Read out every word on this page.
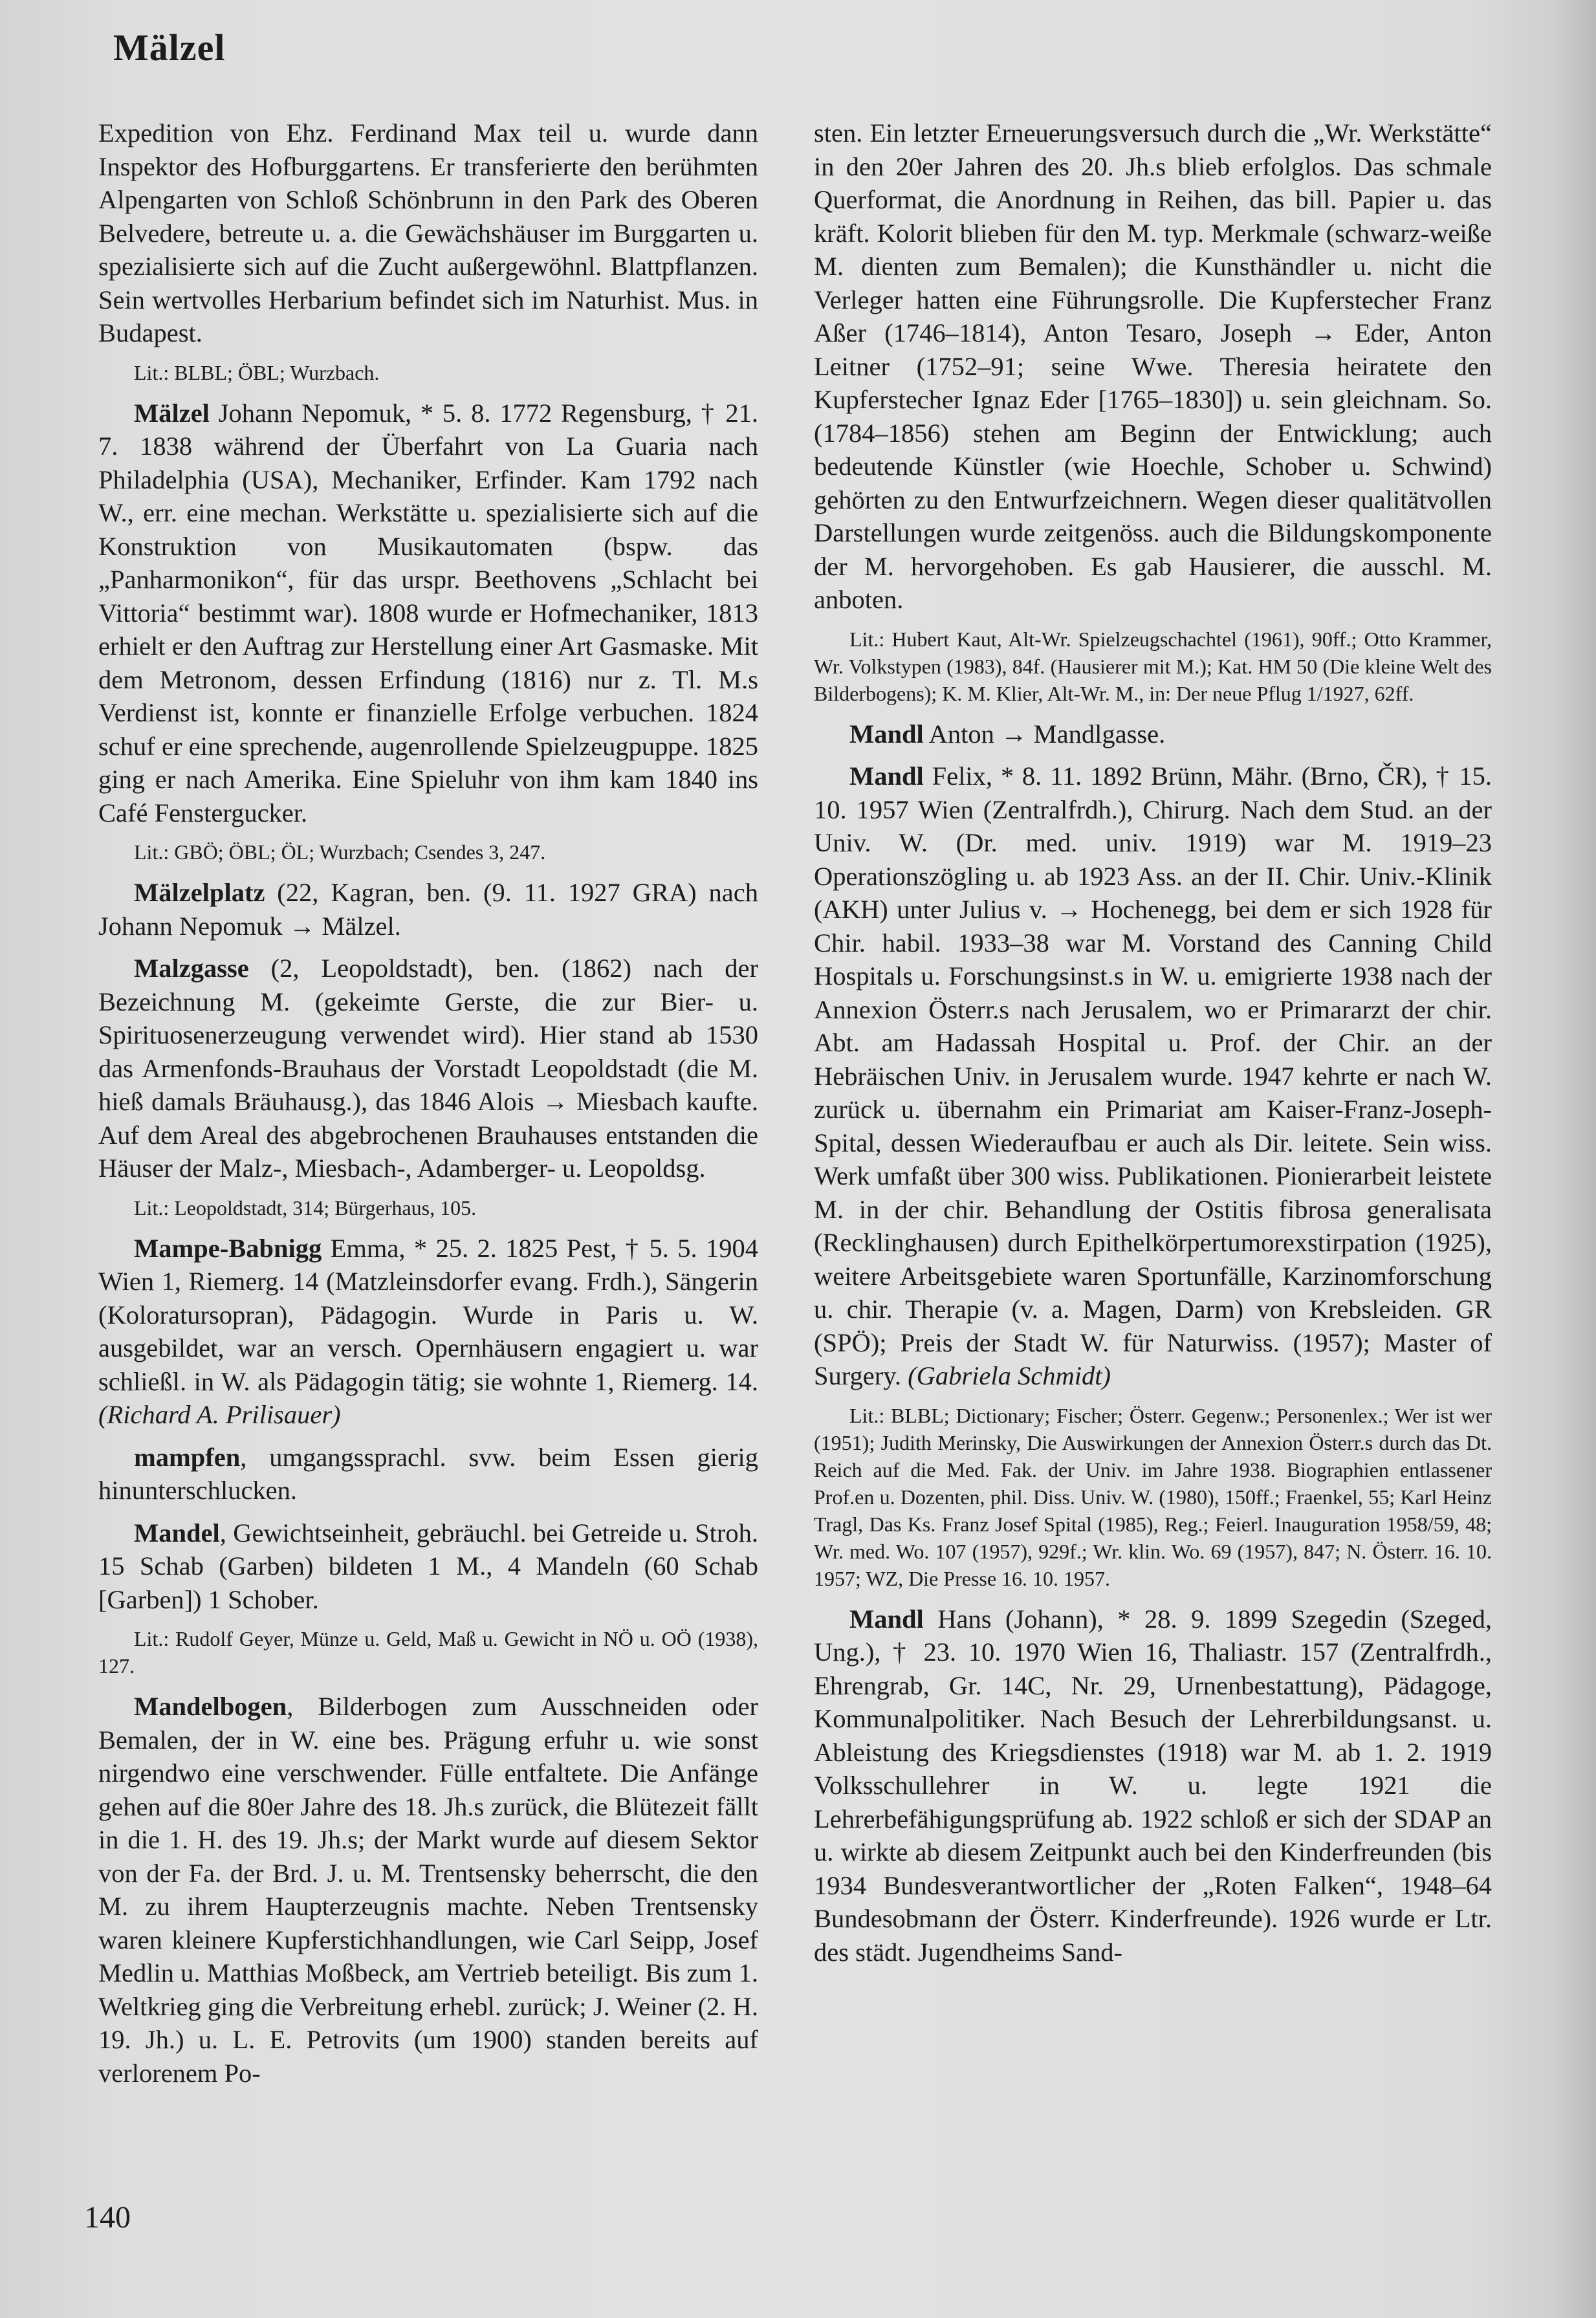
Mälzel

Expedition von Ehz. Ferdinand Max teil u. wurde dann Inspektor des Hofburggartens. Er transferierte den berühmten Alpengarten von Schloß Schönbrunn in den Park des Oberen Belvedere, betreute u. a. die Gewächshäuser im Burggarten u. spezialisierte sich auf die Zucht außergewöhnl. Blattpflanzen. Sein wertvolles Herbarium befindet sich im Naturhist. Mus. in Budapest.

Lit.: BLBL; ÖBL; Wurzbach.

Mälzel Johann Nepomuk, * 5. 8. 1772 Regensburg, † 21. 7. 1838 während der Überfahrt von La Guaria nach Philadelphia (USA), Mechaniker, Erfinder. Kam 1792 nach W., err. eine mechan. Werkstätte u. spezialisierte sich auf die Konstruktion von Musikautomaten (bspw. das „Panharmonikon“, für das urspr. Beethovens „Schlacht bei Vittoria“ bestimmt war). 1808 wurde er Hofmechaniker, 1813 erhielt er den Auftrag zur Herstellung einer Art Gasmaske. Mit dem Metronom, dessen Erfindung (1816) nur z. Tl. M.s Verdienst ist, konnte er finanzielle Erfolge verbuchen. 1824 schuf er eine sprechende, augenrollende Spielzeugpuppe. 1825 ging er nach Amerika. Eine Spieluhr von ihm kam 1840 ins Café Fenstergucker.

Lit.: GBÖ; ÖBL; ÖL; Wurzbach; Csendes 3, 247.

Mälzelplatz (22, Kagran, ben. (9. 11. 1927 GRA) nach Johann Nepomuk → Mälzel.

Malzgasse (2, Leopoldstadt), ben. (1862) nach der Bezeichnung M. (gekeimte Gerste, die zur Bier- u. Spirituosenerzeugung verwendet wird). Hier stand ab 1530 das Armenfonds-Brauhaus der Vorstadt Leopoldstadt (die M. hieß damals Bräuhausg.), das 1846 Alois → Miesbach kaufte. Auf dem Areal des abgebrochenen Brauhauses entstanden die Häuser der Malz-, Miesbach-, Adamberger- u. Leopoldsg.

Lit.: Leopoldstadt, 314; Bürgerhaus, 105.

Mampe-Babnigg Emma, * 25. 2. 1825 Pest, † 5. 5. 1904 Wien 1, Riemerg. 14 (Matzleinsdorfer evang. Frdh.), Sängerin (Koloratursopran), Pädagogin. Wurde in Paris u. W. ausgebildet, war an versch. Opernhäusern engagiert u. war schließl. in W. als Pädagogin tätig; sie wohnte 1, Riemerg. 14. (Richard A. Prilisauer)

mampfen, umgangssprachl. svw. beim Essen gierig hinunterschlucken.

Mandel, Gewichtseinheit, gebräuchl. bei Getreide u. Stroh. 15 Schab (Garben) bildeten 1 M., 4 Mandeln (60 Schab [Garben]) 1 Schober.

Lit.: Rudolf Geyer, Münze u. Geld, Maß u. Gewicht in NÖ u. OÖ (1938), 127.

Mandelbogen, Bilderbogen zum Ausschneiden oder Bemalen, der in W. eine bes. Prägung erfuhr u. wie sonst nirgendwo eine verschwender. Fülle entfaltete. Die Anfänge gehen auf die 80er Jahre des 18. Jh.s zurück, die Blütezeit fällt in die 1. H. des 19. Jh.s; der Markt wurde auf diesem Sektor von der Fa. der Brd. J. u. M. Trentsensky beherrscht, die den M. zu ihrem Haupterzeugnis machte. Neben Trentsensky waren kleinere Kupferstichhandlungen, wie Carl Seipp, Josef Medlin u. Matthias Moßbeck, am Vertrieb beteiligt. Bis zum 1. Weltkrieg ging die Verbreitung erhebl. zurück; J. Weiner (2. H. 19. Jh.) u. L. E. Petrovits (um 1900) standen bereits auf verlorenem Po-

sten. Ein letzter Erneuerungsversuch durch die „Wr. Werkstätte“ in den 20er Jahren des 20. Jh.s blieb erfolglos. Das schmale Querformat, die Anordnung in Reihen, das bill. Papier u. das kräft. Kolorit blieben für den M. typ. Merkmale (schwarz-weiße M. dienten zum Bemalen); die Kunsthändler u. nicht die Verleger hatten eine Führungsrolle. Die Kupferstecher Franz Aßer (1746–1814), Anton Tesaro, Joseph → Eder, Anton Leitner (1752–91; seine Wwe. Theresia heiratete den Kupferstecher Ignaz Eder [1765–1830]) u. sein gleichnam. So. (1784–1856) stehen am Beginn der Entwicklung; auch bedeutende Künstler (wie Hoechle, Schober u. Schwind) gehörten zu den Entwurfzeichnern. Wegen dieser qualitätvollen Darstellungen wurde zeitgenöss. auch die Bildungskomponente der M. hervorgehoben. Es gab Hausierer, die ausschl. M. anboten.

Lit.: Hubert Kaut, Alt-Wr. Spielzeugschachtel (1961), 90ff.; Otto Krammer, Wr. Volkstypen (1983), 84f. (Hausierer mit M.); Kat. HM 50 (Die kleine Welt des Bilderbogens); K. M. Klier, Alt-Wr. M., in: Der neue Pflug 1/1927, 62ff.

Mandl Anton → Mandlgasse.

Mandl Felix, * 8. 11. 1892 Brünn, Mähr. (Brno, ČR), † 15. 10. 1957 Wien (Zentralfrdh.), Chirurg. Nach dem Stud. an der Univ. W. (Dr. med. univ. 1919) war M. 1919–23 Operationszögling u. ab 1923 Ass. an der II. Chir. Univ.-Klinik (AKH) unter Julius v. → Hochenegg, bei dem er sich 1928 für Chir. habil. 1933–38 war M. Vorstand des Canning Child Hospitals u. Forschungsinst.s in W. u. emigrierte 1938 nach der Annexion Österr.s nach Jerusalem, wo er Primararzt der chir. Abt. am Hadassah Hospital u. Prof. der Chir. an der Hebräischen Univ. in Jerusalem wurde. 1947 kehrte er nach W. zurück u. übernahm ein Primariat am Kaiser-Franz-Joseph-Spital, dessen Wiederaufbau er auch als Dir. leitete. Sein wiss. Werk umfaßt über 300 wiss. Publikationen. Pionierarbeit leistete M. in der chir. Behandlung der Ostitis fibrosa generalisata (Recklinghausen) durch Epithelkörpertumorexstirpation (1925), weitere Arbeitsgebiete waren Sportunfälle, Karzinomforschung u. chir. Therapie (v. a. Magen, Darm) von Krebsleiden. GR (SPÖ); Preis der Stadt W. für Naturwiss. (1957); Master of Surgery. (Gabriela Schmidt)

Lit.: BLBL; Dictionary; Fischer; Österr. Gegenw.; Personenlex.; Wer ist wer (1951); Judith Merinsky, Die Auswirkungen der Annexion Österr.s durch das Dt. Reich auf die Med. Fak. der Univ. im Jahre 1938. Biographien entlassener Prof.en u. Dozenten, phil. Diss. Univ. W. (1980), 150ff.; Fraenkel, 55; Karl Heinz Tragl, Das Ks. Franz Josef Spital (1985), Reg.; Feierl. Inauguration 1958/59, 48; Wr. med. Wo. 107 (1957), 929f.; Wr. klin. Wo. 69 (1957), 847; N. Österr. 16. 10. 1957; WZ, Die Presse 16. 10. 1957.

Mandl Hans (Johann), * 28. 9. 1899 Szegedin (Szeged, Ung.), † 23. 10. 1970 Wien 16, Thaliastr. 157 (Zentralfrdh., Ehrengrab, Gr. 14C, Nr. 29, Urnenbestattung), Pädagoge, Kommunalpolitiker. Nach Besuch der Lehrerbildungsanst. u. Ableistung des Kriegsdienstes (1918) war M. ab 1. 2. 1919 Volksschullehrer in W. u. legte 1921 die Lehrerbefähigungsprüfung ab. 1922 schloß er sich der SDAP an u. wirkte ab diesem Zeitpunkt auch bei den Kinderfreunden (bis 1934 Bundesverantwortlicher der „Roten Falken“, 1948–64 Bundesobmann der Österr. Kinderfreunde). 1926 wurde er Ltr. des städt. Jugendheims Sand-

140
